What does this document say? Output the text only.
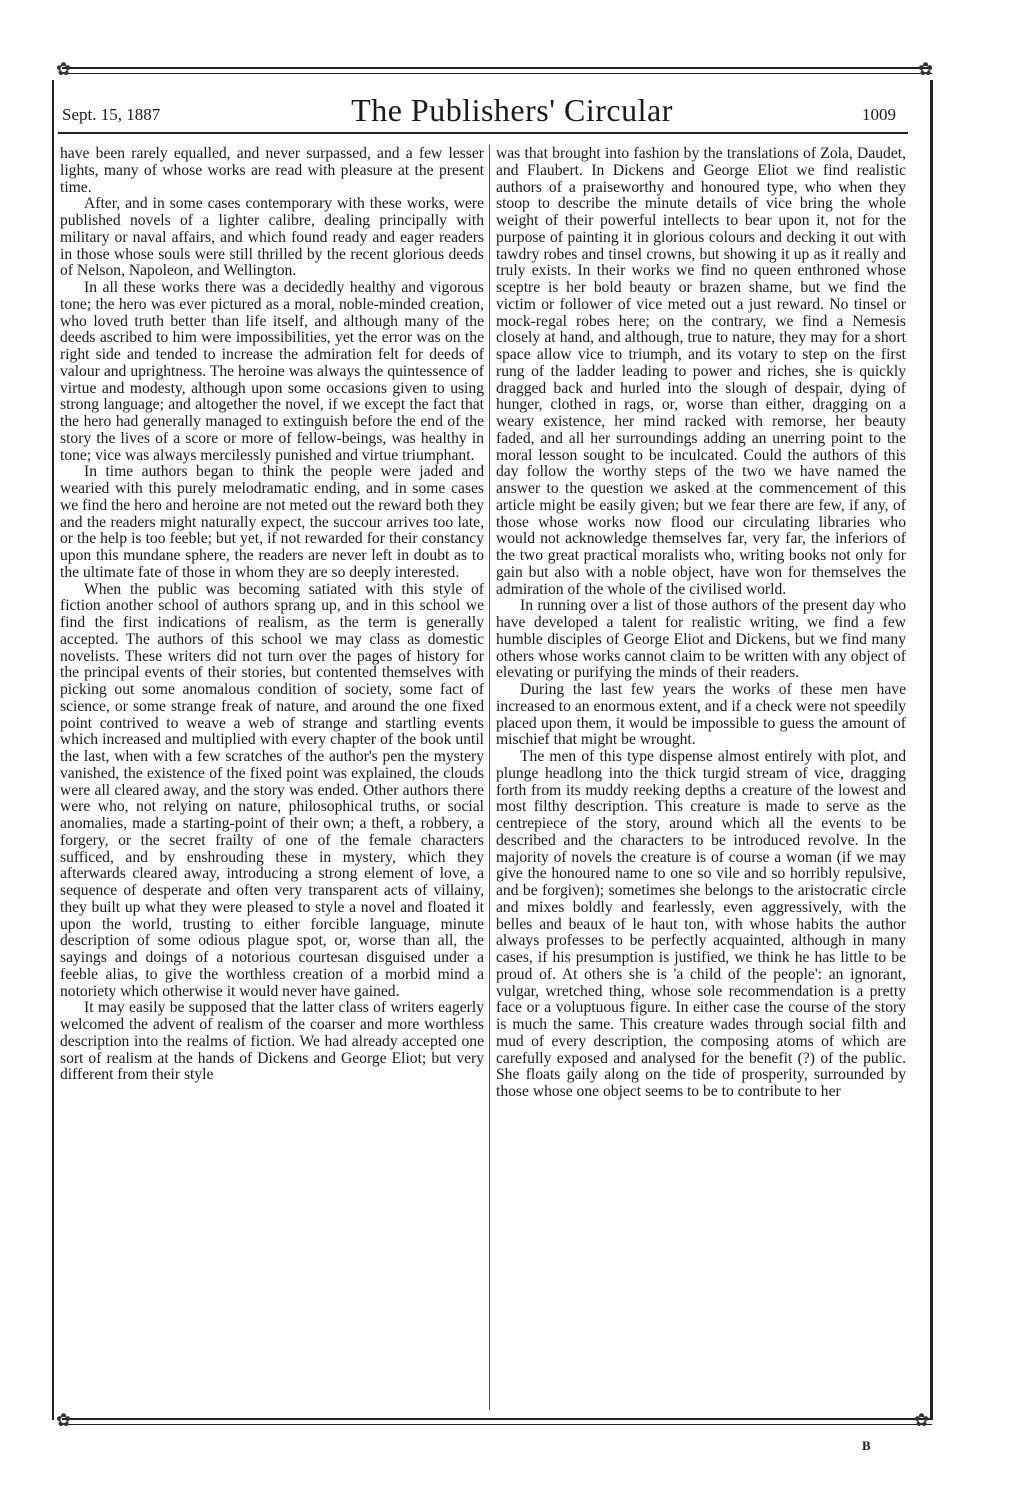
✿	✿
✿	✿
Sept. 15, 1887	The Publishers' Circular	1009

have been rarely equalled, and never surpassed, and a few lesser lights, many of whose works are read with pleasure at the present time.

After, and in some cases contemporary with these works, were published novels of a lighter calibre, dealing principally with military or naval affairs, and which found ready and eager readers in those whose souls were still thrilled by the recent glorious deeds of Nelson, Napoleon, and Wellington.

In all these works there was a decidedly healthy and vigorous tone; the hero was ever pictured as a moral, noble-minded creation, who loved truth better than life itself, and although many of the deeds ascribed to him were impossibilities, yet the error was on the right side and tended to increase the admiration felt for deeds of valour and uprightness. The heroine was always the quintessence of virtue and modesty, although upon some occasions given to using strong language; and altogether the novel, if we except the fact that the hero had generally managed to extinguish before the end of the story the lives of a score or more of fellow-beings, was healthy in tone; vice was always mercilessly punished and virtue triumphant.

In time authors began to think the people were jaded and wearied with this purely melodramatic ending, and in some cases we find the hero and heroine are not meted out the reward both they and the readers might naturally expect, the succour arrives too late, or the help is too feeble; but yet, if not rewarded for their constancy upon this mundane sphere, the readers are never left in doubt as to the ultimate fate of those in whom they are so deeply interested.

When the public was becoming satiated with this style of fiction another school of authors sprang up, and in this school we find the first indications of realism, as the term is generally accepted. The authors of this school we may class as domestic novelists. These writers did not turn over the pages of history for the principal events of their stories, but contented themselves with picking out some anomalous condition of society, some fact of science, or some strange freak of nature, and around the one fixed point contrived to weave a web of strange and startling events which increased and multiplied with every chapter of the book until the last, when with a few scratches of the author's pen the mystery vanished, the existence of the fixed point was explained, the clouds were all cleared away, and the story was ended. Other authors there were who, not relying on nature, philosophical truths, or social anomalies, made a starting-point of their own; a theft, a robbery, a forgery, or the secret frailty of one of the female characters sufficed, and by enshrouding these in mystery, which they afterwards cleared away, introducing a strong element of love, a sequence of desperate and often very transparent acts of villainy, they built up what they were pleased to style a novel and floated it upon the world, trusting to either forcible language, minute description of some odious plague spot, or, worse than all, the sayings and doings of a notorious courtesan disguised under a feeble alias, to give the worthless creation of a morbid mind a notoriety which otherwise it would never have gained.

It may easily be supposed that the latter class of writers eagerly welcomed the advent of realism of the coarser and more worthless description into the realms of fiction. We had already accepted one sort of realism at the hands of Dickens and George Eliot; but very different from their style

was that brought into fashion by the translations of Zola, Daudet, and Flaubert. In Dickens and George Eliot we find realistic authors of a praiseworthy and honoured type, who when they stoop to describe the minute details of vice bring the whole weight of their powerful intellects to bear upon it, not for the purpose of painting it in glorious colours and decking it out with tawdry robes and tinsel crowns, but showing it up as it really and truly exists. In their works we find no queen enthroned whose sceptre is her bold beauty or brazen shame, but we find the victim or follower of vice meted out a just reward. No tinsel or mock-regal robes here; on the contrary, we find a Nemesis closely at hand, and although, true to nature, they may for a short space allow vice to triumph, and its votary to step on the first rung of the ladder leading to power and riches, she is quickly dragged back and hurled into the slough of despair, dying of hunger, clothed in rags, or, worse than either, dragging on a weary existence, her mind racked with remorse, her beauty faded, and all her surroundings adding an unerring point to the moral lesson sought to be inculcated. Could the authors of this day follow the worthy steps of the two we have named the answer to the question we asked at the commencement of this article might be easily given; but we fear there are few, if any, of those whose works now flood our circulating libraries who would not acknowledge themselves far, very far, the inferiors of the two great practical moralists who, writing books not only for gain but also with a noble object, have won for themselves the admiration of the whole of the civilised world.

In running over a list of those authors of the present day who have developed a talent for realistic writing, we find a few humble disciples of George Eliot and Dickens, but we find many others whose works cannot claim to be written with any object of elevating or purifying the minds of their readers.

During the last few years the works of these men have increased to an enormous extent, and if a check were not speedily placed upon them, it would be impossible to guess the amount of mischief that might be wrought.

The men of this type dispense almost entirely with plot, and plunge headlong into the thick turgid stream of vice, dragging forth from its muddy reeking depths a creature of the lowest and most filthy description. This creature is made to serve as the centrepiece of the story, around which all the events to be described and the characters to be introduced revolve. In the majority of novels the creature is of course a woman (if we may give the honoured name to one so vile and so horribly repulsive, and be forgiven); sometimes she belongs to the aristocratic circle and mixes boldly and fearlessly, even aggressively, with the belles and beaux of le haut ton, with whose habits the author always professes to be perfectly acquainted, although in many cases, if his presumption is justified, we think he has little to be proud of. At others she is 'a child of the people': an ignorant, vulgar, wretched thing, whose sole recommendation is a pretty face or a voluptuous figure. In either case the course of the story is much the same. This creature wades through social filth and mud of every description, the composing atoms of which are carefully exposed and analysed for the benefit (?) of the public. She floats gaily along on the tide of prosperity, surrounded by those whose one object seems to be to contribute to her

B
